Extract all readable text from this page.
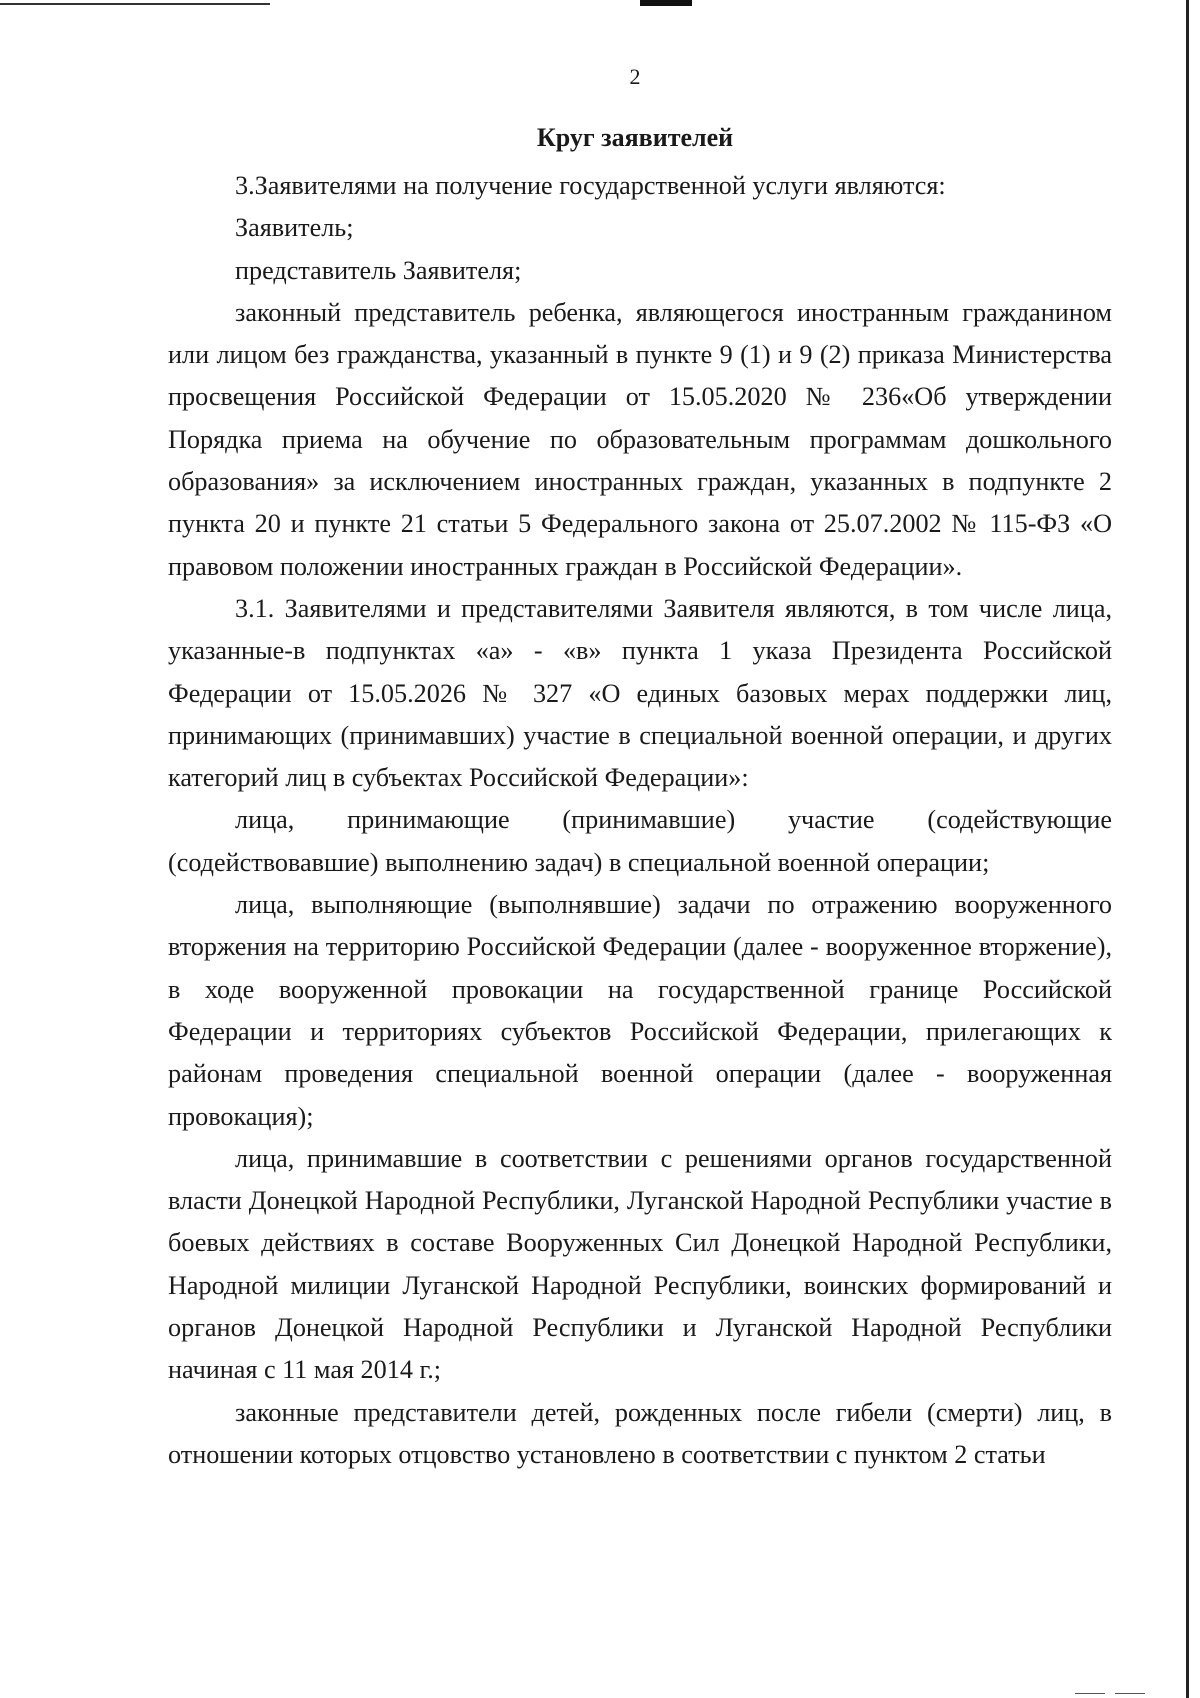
2
Круг заявителей

3.Заявителями на получение государственной услуги являются:

Заявитель;

представитель Заявителя;

законный представитель ребенка, являющегося иностранным гражданином или лицом без гражданства, указанный в пункте 9 (1) и 9 (2) приказа Министерства просвещения Российской Федерации от 15.05.2020 № 236«Об утверждении Порядка приема на обучение по образовательным программам дошкольного образования» за исключением иностранных граждан, указанных в подпункте 2 пункта 20 и пункте 21 статьи 5 Федерального закона от 25.07.2002 № 115-ФЗ «О правовом положении иностранных граждан в Российской Федерации».

3.1. Заявителями и представителями Заявителя являются, в том числе лица, указанные-в подпунктах «а» - «в» пункта 1 указа Президента Российской Федерации от 15.05.2026 № 327 «О единых базовых мерах поддержки лиц, принимающих (принимавших) участие в специальной военной операции, и других категорий лиц в субъектах Российской Федерации»:

лица, принимающие (принимавшие) участие (содействующие (содействовавшие) выполнению задач) в специальной военной операции;

лица, выполняющие (выполнявшие) задачи по отражению вооруженного вторжения на территорию Российской Федерации (далее - вооруженное вторжение), в ходе вооруженной провокации на государственной границе Российской Федерации и территориях субъектов Российской Федерации, прилегающих к районам проведения специальной военной операции (далее - вооруженная провокация);

лица, принимавшие в соответствии с решениями органов государственной власти Донецкой Народной Республики, Луганской Народной Республики участие в боевых действиях в составе Вооруженных Сил Донецкой Народной Республики, Народной милиции Луганской Народной Республики, воинских формирований и органов Донецкой Народной Республики и Луганской Народной Республики начиная с 11 мая 2014 г.;

законные представители детей, рожденных после гибели (смерти) лиц, в отношении которых отцовство установлено в соответствии с пунктом 2 статьи
